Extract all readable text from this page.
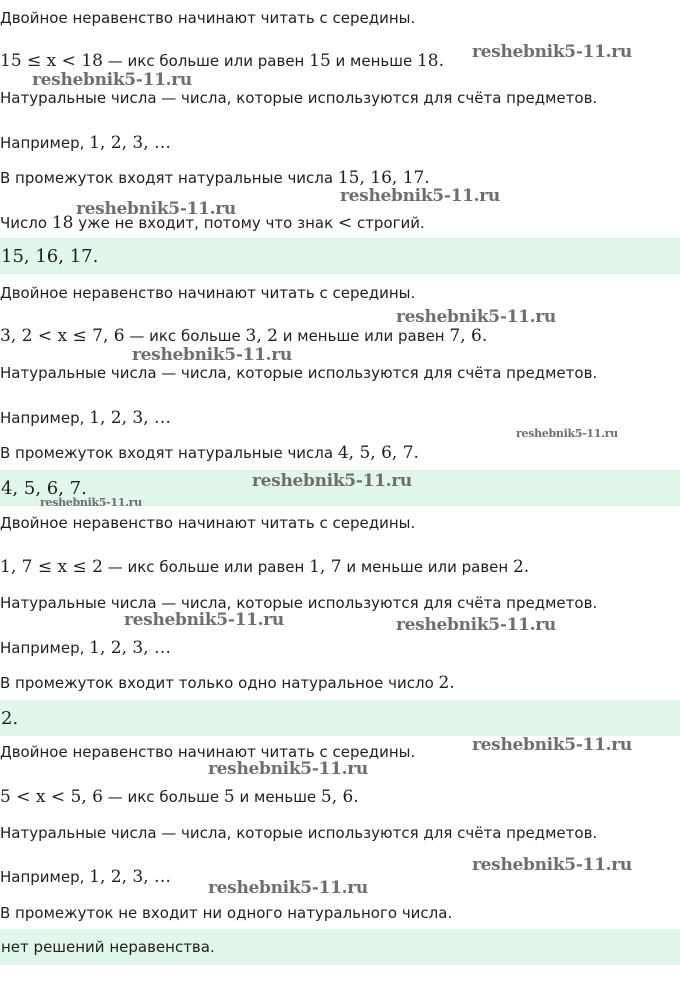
Двойное неравенство начинают читать с середины.
15 ≤ x < 18 — икс больше или равен 15 и меньше 18.
Натуральные числа — числа, которые используются для счёта предметов.
Например, 1, 2, 3, …
В промежуток входят натуральные числа 15, 16, 17.
Число 18 уже не входит, потому что знак < строгий.
15, 16, 17.
Двойное неравенство начинают читать с середины.
3, 2 < x ≤ 7, 6 — икс больше 3, 2 и меньше или равен 7, 6.
Натуральные числа — числа, которые используются для счёта предметов.
Например, 1, 2, 3, …
В промежуток входят натуральные числа 4, 5, 6, 7.
4, 5, 6, 7.
Двойное неравенство начинают читать с середины.
1, 7 ≤ x ≤ 2 — икс больше или равен 1, 7 и меньше или равен 2.
Натуральные числа — числа, которые используются для счёта предметов.
Например, 1, 2, 3, …
В промежуток входит только одно натуральное число 2.
2.
Двойное неравенство начинают читать с середины.
5 < x < 5, 6 — икс больше 5 и меньше 5, 6.
Натуральные числа — числа, которые используются для счёта предметов.
Например, 1, 2, 3, …
В промежуток не входит ни одного натурального числа.
нет решений неравенства.
reshebnik5-11.ru
reshebnik5-11.ru
reshebnik5-11.ru
reshebnik5-11.ru
reshebnik5-11.ru
reshebnik5-11.ru
reshebnik5-11.ru
reshebnik5-11.ru
reshebnik5-11.ru
reshebnik5-11.ru	reshebnik5-11.ru
reshebnik5-11.ru
reshebnik5-11.ru
reshebnik5-11.ru
reshebnik5-11.ru
